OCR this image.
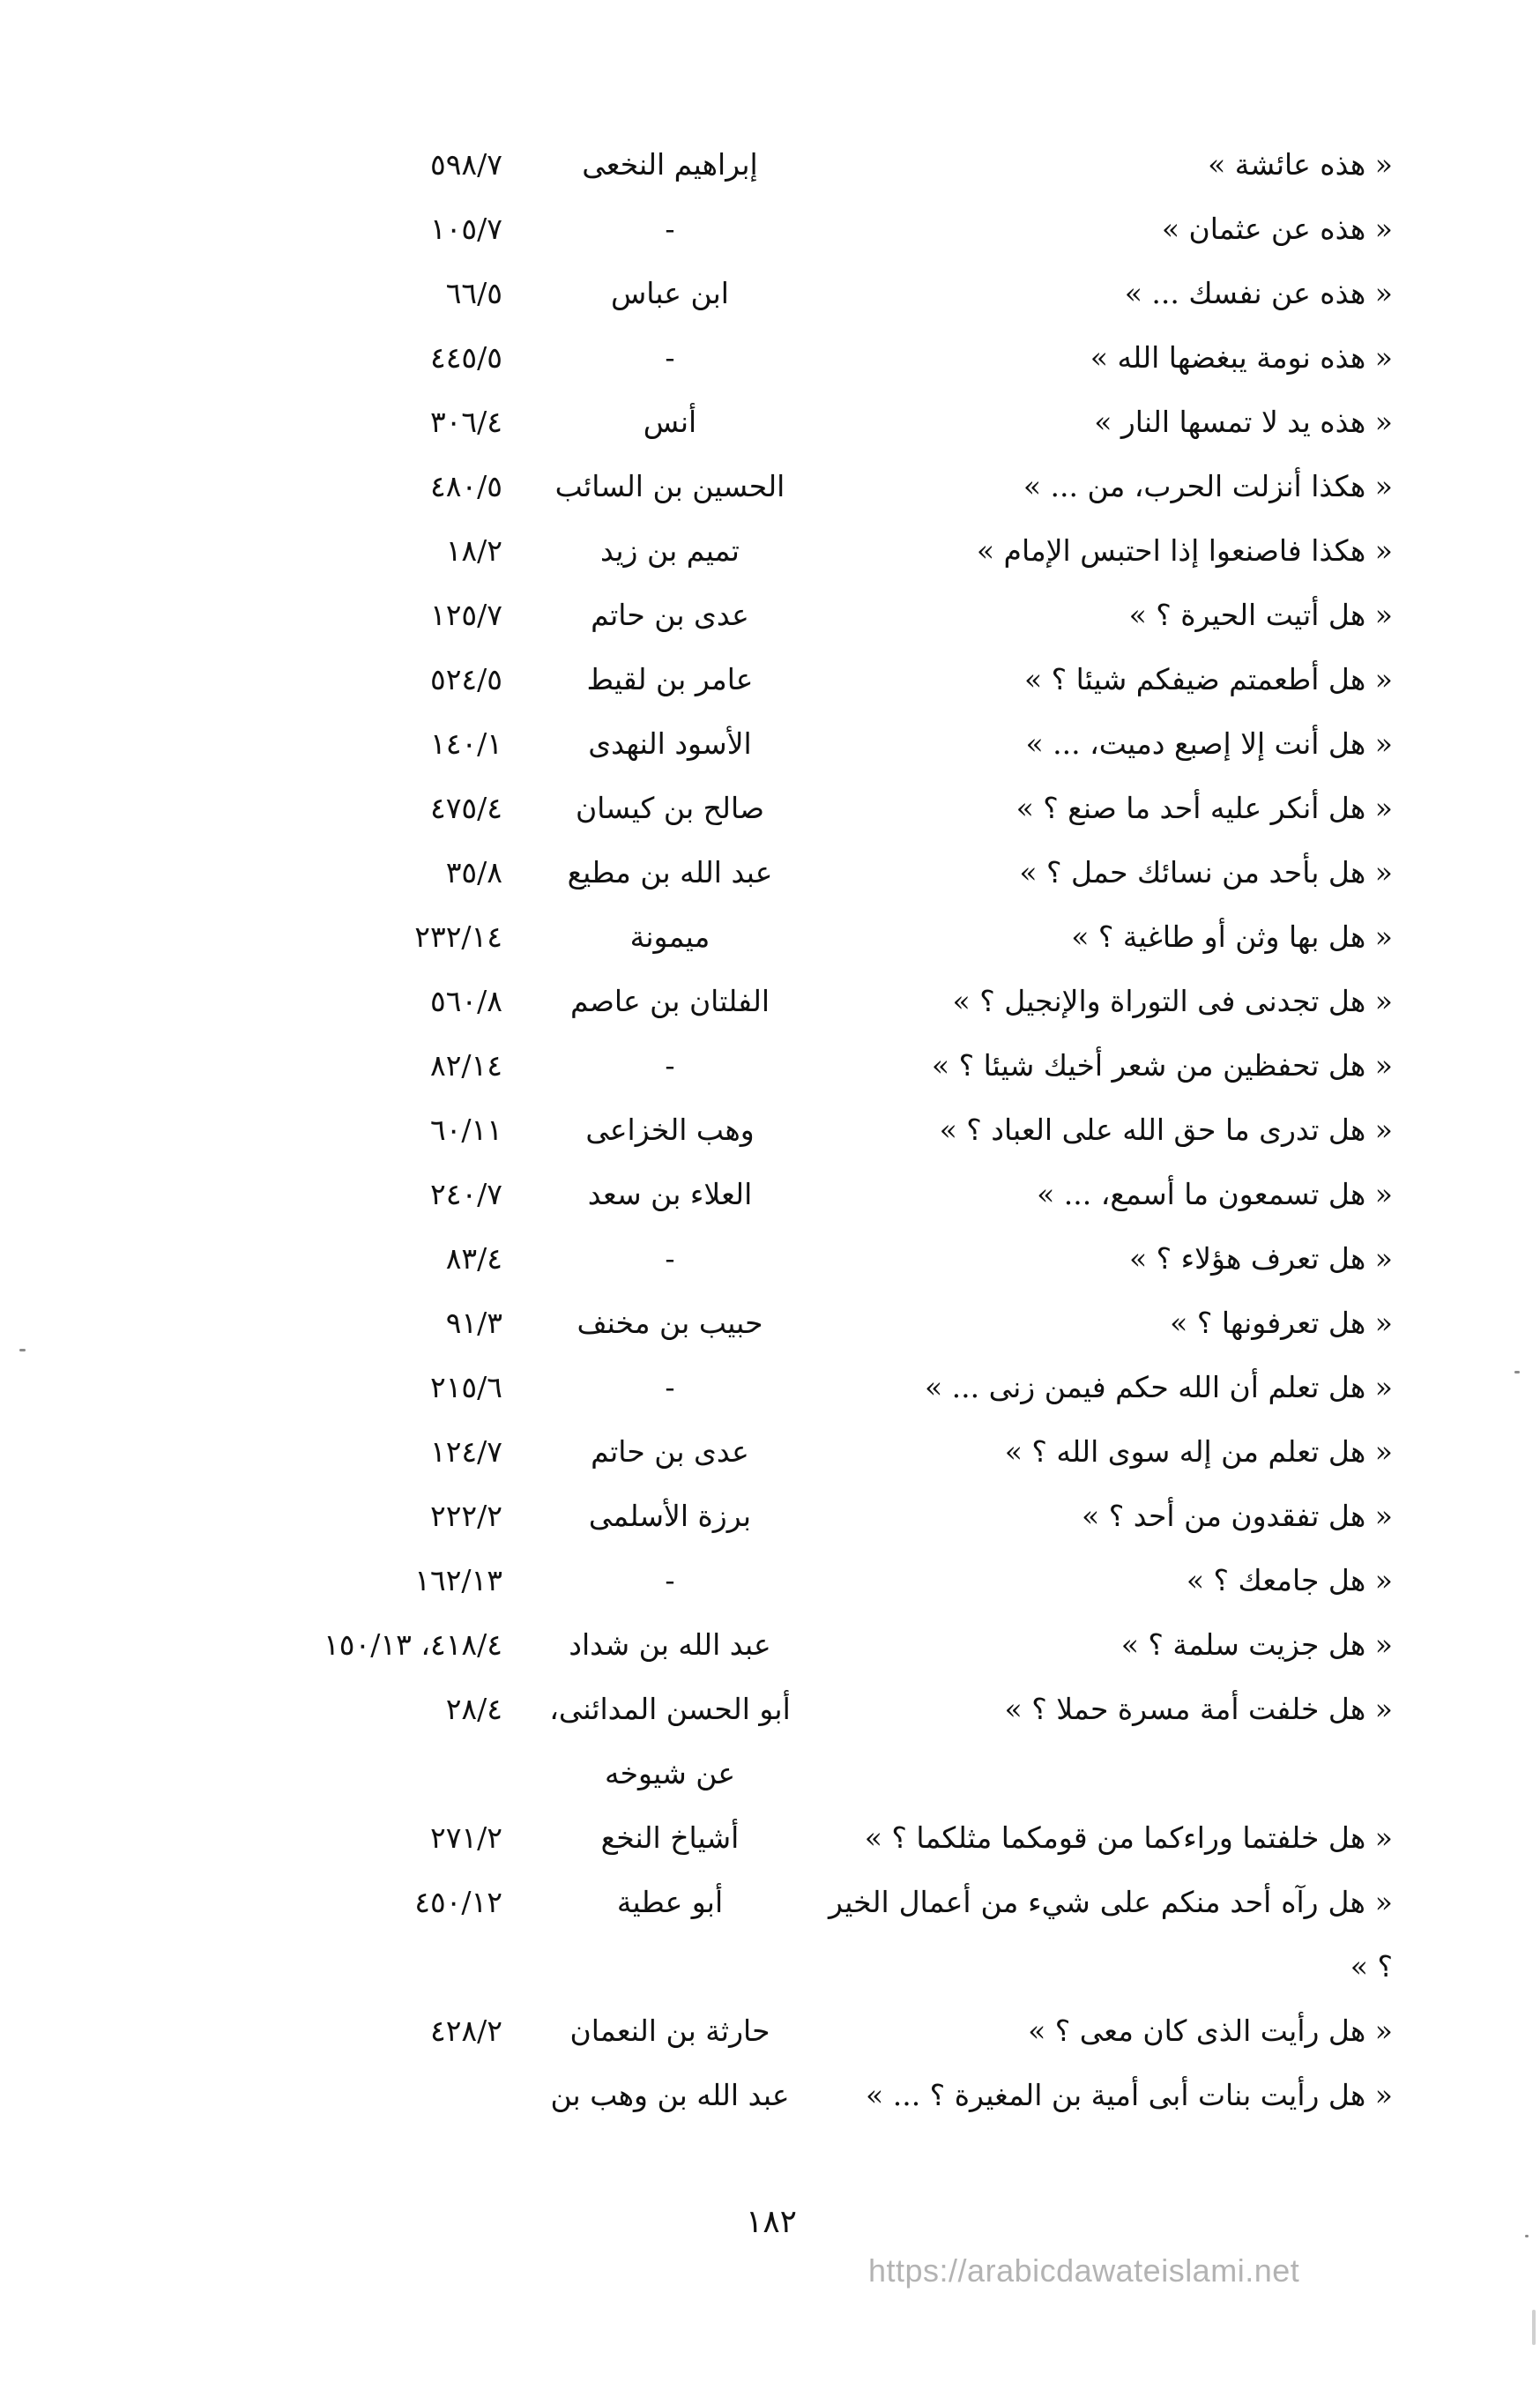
« هذه عائشة »
إبراهيم النخعى
٥٩٨/٧
« هذه عن عثمان »
-
١٠٥/٧
« هذه عن نفسك ... »
ابن عباس
٦٦/٥
« هذه نومة يبغضها الله »
-
٤٤٥/٥
« هذه يد لا تمسها النار »
أنس
٣٠٦/٤
« هكذا أنزلت الحرب، من ... »
الحسين بن السائب
٤٨٠/٥
« هكذا فاصنعوا إذا احتبس الإمام »
تميم بن زيد
١٨/٢
« هل أتيت الحيرة ؟ »
عدى بن حاتم
١٢٥/٧
« هل أطعمتم ضيفكم شيئا ؟ »
عامر بن لقيط
٥٢٤/٥
« هل أنت إلا إصبع دميت، ... »
الأسود النهدى
١٤٠/١
« هل أنكر عليه أحد ما صنع ؟ »
صالح بن كيسان
٤٧٥/٤
« هل بأحد من نسائك حمل ؟ »
عبد الله بن مطيع
٣٥/٨
« هل بها وثن أو طاغية ؟ »
ميمونة
٢٣٢/١٤
« هل تجدنى فى التوراة والإنجيل ؟ »
الفلتان بن عاصم
٥٦٠/٨
« هل تحفظين من شعر أخيك شيئا ؟ »
-
٨٢/١٤
« هل تدرى ما حق الله على العباد ؟ »
وهب الخزاعى
٦٠/١١
« هل تسمعون ما أسمع، ... »
العلاء بن سعد
٢٤٠/٧
« هل تعرف هؤلاء ؟ »
-
٨٣/٤
« هل تعرفونها ؟ »
حبيب بن مخنف
٩١/٣
« هل تعلم أن الله حكم فيمن زنى ... »
-
٢١٥/٦
« هل تعلم من إله سوى الله ؟ »
عدى بن حاتم
١٢٤/٧
« هل تفقدون من أحد ؟ »
برزة الأسلمى
٢٢٢/٢
« هل جامعك ؟ »
-
١٦٢/١٣
« هل جزيت سلمة ؟ »
عبد الله بن شداد
٤١٨/٤، ١٥٠/١٣
« هل خلفت أمة مسرة حملا ؟ »
أبو الحسن المدائنى، عن شيوخه
٢٨/٤
« هل خلفتما وراءكما من قومكما مثلكما ؟ »
أشياخ النخع
٢٧١/٢
« هل رآه أحد منكم على شيء من أعمال الخير ؟ »
أبو عطية
٤٥٠/١٢
« هل رأيت الذى كان معى ؟ »
حارثة بن النعمان
٤٢٨/٢
« هل رأيت بنات أبى أمية بن المغيرة ؟ ... »
عبد الله بن وهب بن
١٨٢
https://arabicdawateislami.net
